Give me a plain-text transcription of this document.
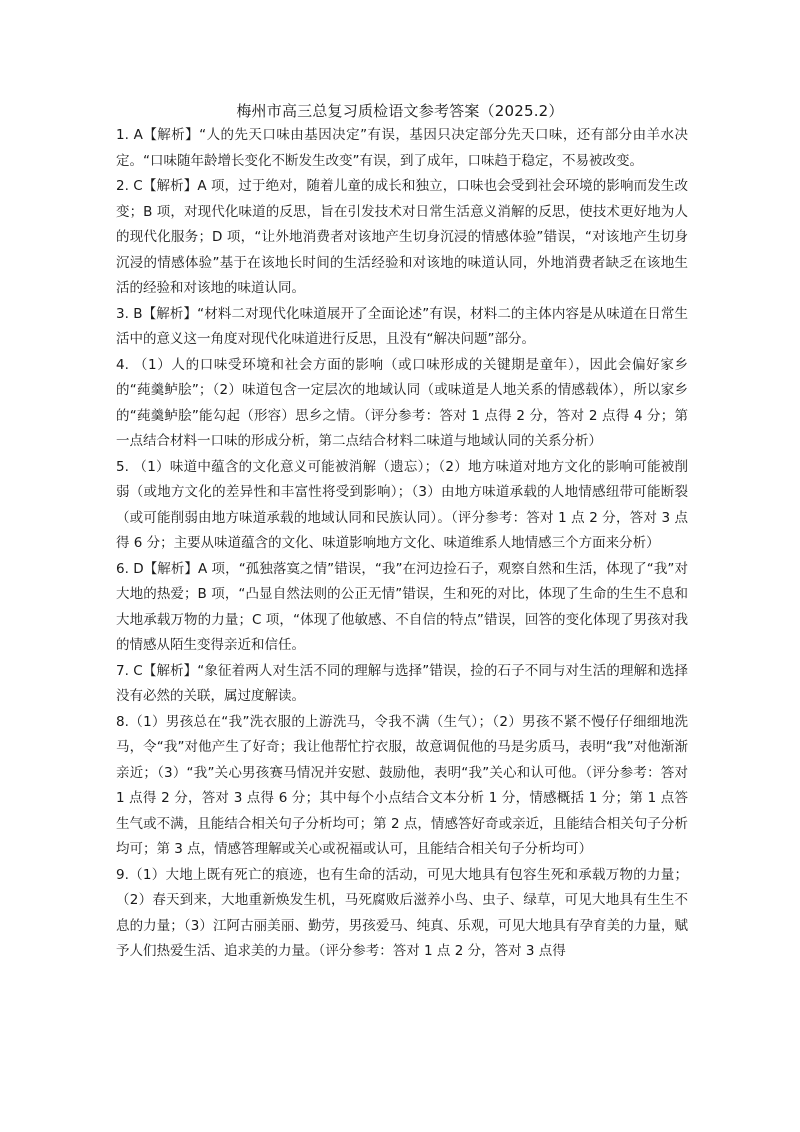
梅州市高三总复习质检语文参考答案（2025.2）

1. A【解析】“人的先天口味由基因决定”有误，基因只决定部分先天口味，还有部分由羊水决定。“口味随年龄增长变化不断发生改变”有误，到了成年，口味趋于稳定，不易被改变。

2. C【解析】A 项，过于绝对，随着儿童的成长和独立，口味也会受到社会环境的影响而发生改变；B 项，对现代化味道的反思，旨在引发技术对日常生活意义消解的反思，使技术更好地为人的现代化服务；D 项，“让外地消费者对该地产生切身沉浸的情感体验”错误，“对该地产生切身沉浸的情感体验”基于在该地长时间的生活经验和对该地的味道认同，外地消费者缺乏在该地生活的经验和对该地的味道认同。

3. B【解析】“材料二对现代化味道展开了全面论述”有误，材料二的主体内容是从味道在日常生活中的意义这一角度对现代化味道进行反思，且没有“解决问题”部分。

4. （1）人的口味受环境和社会方面的影响（或口味形成的关键期是童年），因此会偏好家乡的“莼羹鲈脍”；（2）味道包含一定层次的地域认同（或味道是人地关系的情感载体），所以家乡的“莼羹鲈脍”能勾起（形容）思乡之情。（评分参考：答对 1 点得 2 分，答对 2 点得 4 分；第一点结合材料一口味的形成分析，第二点结合材料二味道与地域认同的关系分析）

5. （1）味道中蕴含的文化意义可能被消解（遗忘）；（2）地方味道对地方文化的影响可能被削弱（或地方文化的差异性和丰富性将受到影响）；（3）由地方味道承载的人地情感纽带可能断裂（或可能削弱由地方味道承载的地域认同和民族认同）。（评分参考：答对 1 点 2 分，答对 3 点得 6 分；主要从味道蕴含的文化、味道影响地方文化、味道维系人地情感三个方面来分析）

6. D【解析】A 项，“孤独落寞之情”错误，“我”在河边捡石子，观察自然和生活，体现了“我”对大地的热爱；B 项，“凸显自然法则的公正无情”错误，生和死的对比，体现了生命的生生不息和大地承载万物的力量；C 项，“体现了他敏感、不自信的特点”错误，回答的变化体现了男孩对我的情感从陌生变得亲近和信任。

7. C【解析】“象征着两人对生活不同的理解与选择”错误，捡的石子不同与对生活的理解和选择没有必然的关联，属过度解读。

8.（1）男孩总在“我”洗衣服的上游洗马，令我不满（生气）；（2）男孩不紧不慢仔仔细细地洗马，令“我”对他产生了好奇；我让他帮忙拧衣服，故意调侃他的马是劣质马，表明“我”对他渐渐亲近；（3）“我”关心男孩赛马情况并安慰、鼓励他，表明“我”关心和认可他。（评分参考：答对 1 点得 2 分，答对 3 点得 6 分；其中每个小点结合文本分析 1 分，情感概括 1 分；第 1 点答生气或不满，且能结合相关句子分析均可；第 2 点，情感答好奇或亲近，且能结合相关句子分析均可；第 3 点，情感答理解或关心或祝福或认可，且能结合相关句子分析均可）

9.（1）大地上既有死亡的痕迹，也有生命的活动，可见大地具有包容生死和承载万物的力量；（2）春天到来，大地重新焕发生机，马死腐败后滋养小鸟、虫子、绿草，可见大地具有生生不息的力量；（3）江阿古丽美丽、勤劳，男孩爱马、纯真、乐观，可见大地具有孕育美的力量，赋予人们热爱生活、追求美的力量。（评分参考：答对 1 点 2 分，答对 3 点得
